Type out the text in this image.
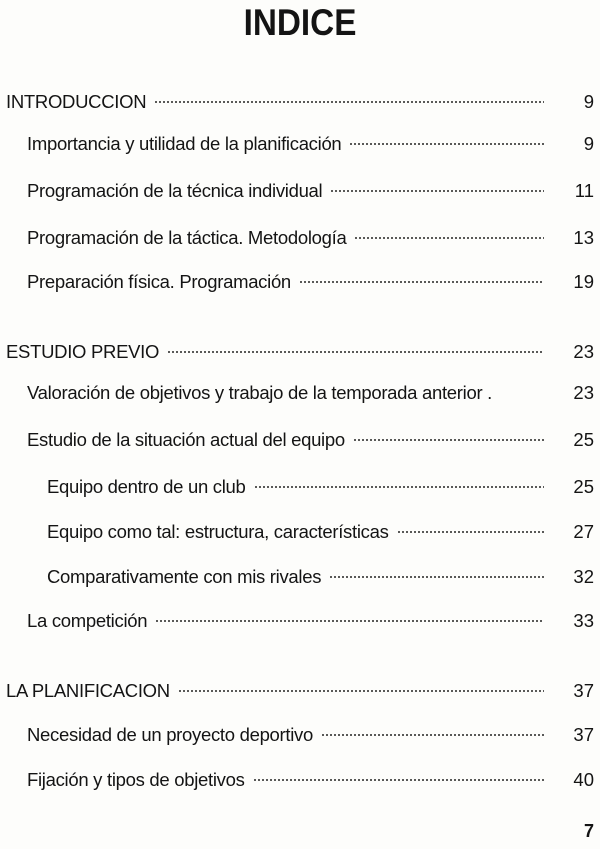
INDICE
INTRODUCCION	9
Importancia y utilidad de la planificación	9
Programación de la técnica individual	11
Programación de la táctica. Metodología	13
Preparación física. Programación	19
ESTUDIO PREVIO	23
Valoración de objetivos y trabajo de la temporada anterior .	23
Estudio de la situación actual del equipo	25
Equipo dentro de un club	25
Equipo como tal: estructura, características	27
Comparativamente con mis rivales	32
La competición	33
LA PLANIFICACION	37
Necesidad de un proyecto deportivo	37
Fijación y tipos de objetivos	40
7
